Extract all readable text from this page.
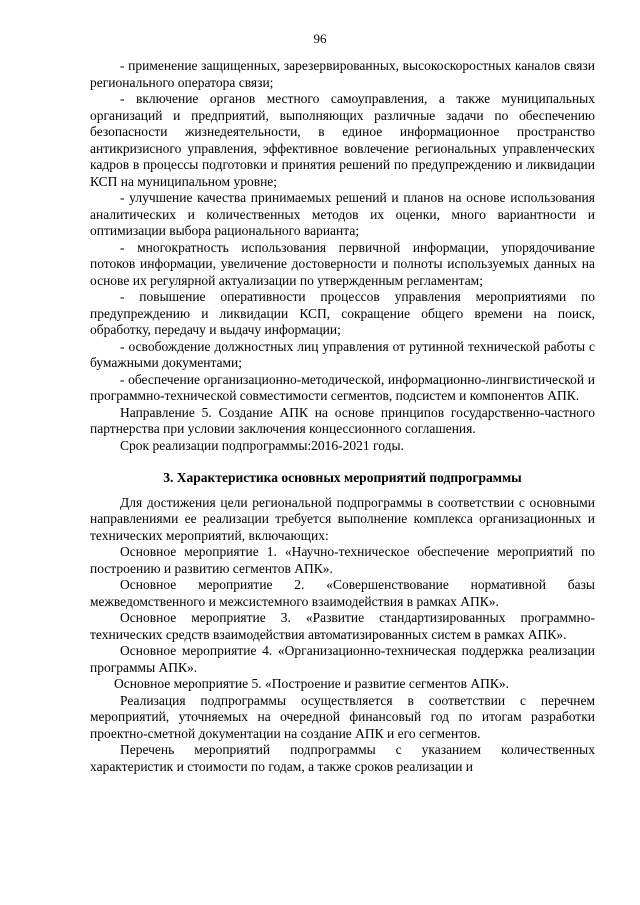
96

- применение защищенных, зарезервированных, высокоскоростных каналов связи регионального оператора связи;

- включение органов местного самоуправления, а также муниципальных организаций и предприятий, выполняющих различные задачи по обеспечению безопасности жизнедеятельности, в единое информационное пространство антикризисного управления, эффективное вовлечение региональных управленческих кадров в процессы подготовки и принятия решений по предупреждению и ликвидации КСП на муниципальном уровне;

- улучшение качества принимаемых решений и планов на основе использования аналитических и количественных методов их оценки, много вариантности и оптимизации выбора рационального варианта;

- многократность использования первичной информации, упорядочивание потоков информации, увеличение достоверности и полноты используемых данных на основе их регулярной актуализации по утвержденным регламентам;

- повышение оперативности процессов управления мероприятиями по предупреждению и ликвидации КСП, сокращение общего времени на поиск, обработку, передачу и выдачу информации;

- освобождение должностных лиц управления от рутинной технической работы с бумажными документами;

- обеспечение организационно-методической, информационно-лингвистической и программно-технической совместимости сегментов, подсистем и компонентов АПК.

Направление 5. Создание АПК на основе принципов государственно-частного партнерства при условии заключения концессионного соглашения.

Срок реализации подпрограммы:2016-2021 годы.

3. Характеристика основных мероприятий подпрограммы

Для достижения цели региональной подпрограммы в соответствии с основными направлениями ее реализации требуется выполнение комплекса организационных и технических мероприятий, включающих:

Основное мероприятие 1. «Научно-техническое обеспечение мероприятий по построению и развитию сегментов АПК».

Основное мероприятие 2. «Совершенствование нормативной базы межведомственного и межсистемного взаимодействия в рамках АПК».

Основное мероприятие 3. «Развитие стандартизированных программно-технических средств взаимодействия автоматизированных систем в рамках АПК».

Основное мероприятие 4. «Организационно-техническая поддержка реализации программы АПК».

Основное мероприятие 5. «Построение и развитие сегментов АПК».

Реализация подпрограммы осуществляется в соответствии с перечнем мероприятий, уточняемых на очередной финансовый год по итогам разработки проектно-сметной документации на создание АПК и его сегментов.

Перечень мероприятий подпрограммы с указанием количественных характеристик и стоимости по годам, а также сроков реализации и
